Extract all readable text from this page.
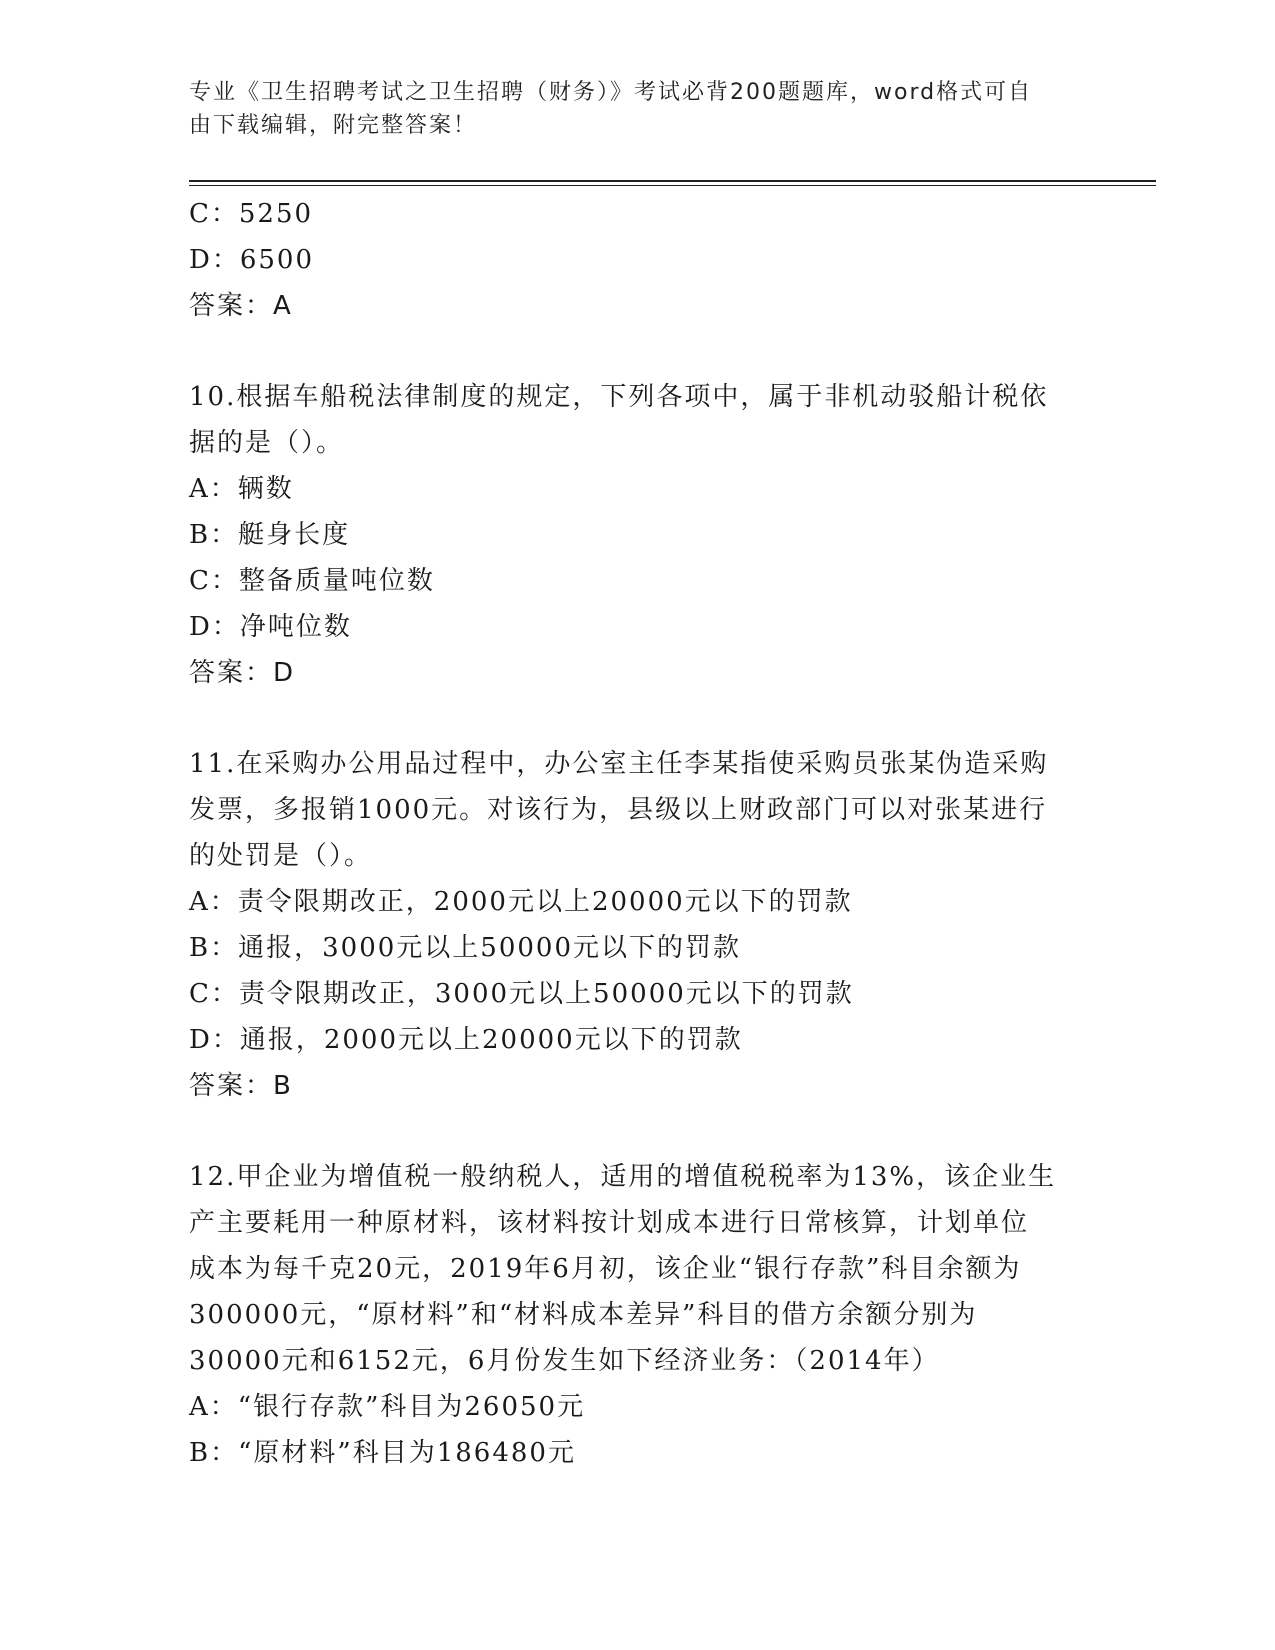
专业《卫生招聘考试之卫生招聘（财务）》考试必背200题题库，word格式可自
由下载编辑，附完整答案！
C：5250
D：6500
答案：A
10.根据车船税法律制度的规定，下列各项中，属于非机动驳船计税依
据的是（）。
A：辆数
B：艇身长度
C：整备质量吨位数
D：净吨位数
答案：D
11.在采购办公用品过程中，办公室主任李某指使采购员张某伪造采购
发票，多报销1000元。对该行为，县级以上财政部门可以对张某进行
的处罚是（）。
A：责令限期改正，2000元以上20000元以下的罚款
B：通报，3000元以上50000元以下的罚款
C：责令限期改正，3000元以上50000元以下的罚款
D：通报，2000元以上20000元以下的罚款
答案：B
12.甲企业为增值税一般纳税人，适用的增值税税率为13%，该企业生
产主要耗用一种原材料，该材料按计划成本进行日常核算，计划单位
成本为每千克20元，2019年6月初，该企业“银行存款”科目余额为
300000元，“原材料”和“材料成本差异”科目的借方余额分别为
30000元和6152元，6月份发生如下经济业务：（2014年）
A：“银行存款”科目为26050元
B：“原材料”科目为186480元
